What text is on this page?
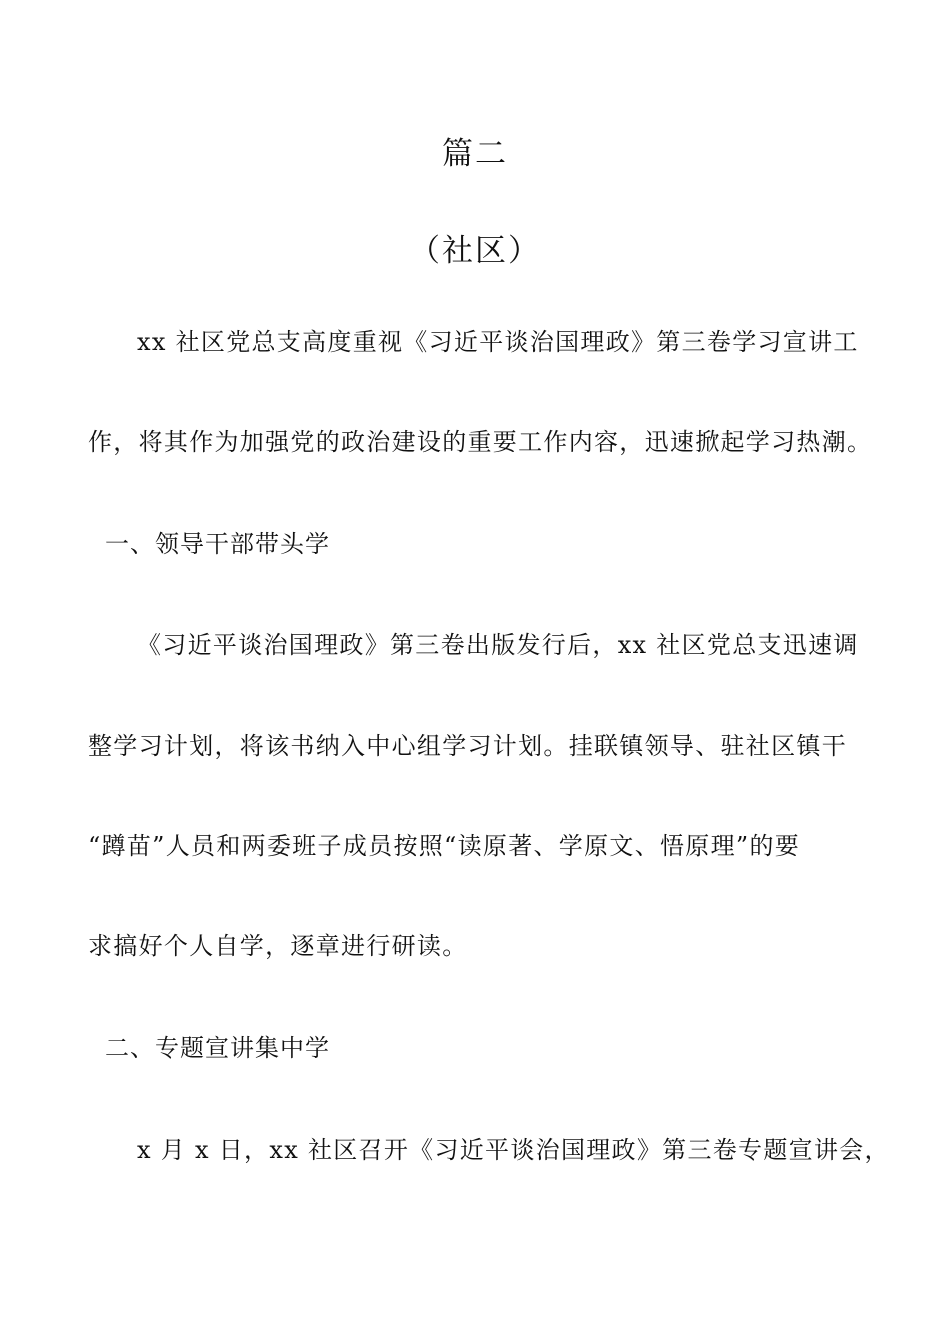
篇二
（社区）
xx 社区党总支高度重视《习近平谈治国理政》第三卷学习宣讲工
作，将其作为加强党的政治建设的重要工作内容，迅速掀起学习热潮。
一、领导干部带头学
《习近平谈治国理政》第三卷出版发行后，xx 社区党总支迅速调
整学习计划，将该书纳入中心组学习计划。挂联镇领导、驻社区镇干
“蹲苗”人员和两委班子成员按照“读原著、学原文、悟原理”的要
求搞好个人自学，逐章进行研读。
二、专题宣讲集中学
x 月 x 日，xx 社区召开《习近平谈治国理政》第三卷专题宣讲会，
